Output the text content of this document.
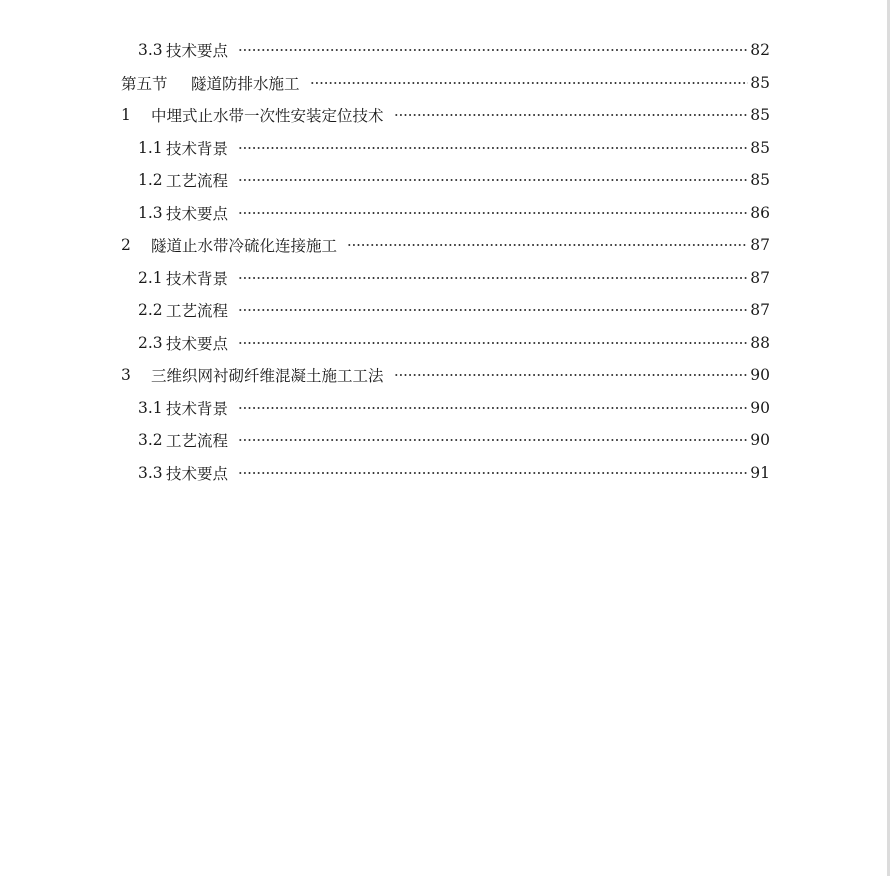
3.3 技术要点	82
第五节 隧道防排水施工	85
1 中埋式止水带一次性安装定位技术	85
1.1 技术背景	85
1.2 工艺流程	85
1.3 技术要点	86
2 隧道止水带冷硫化连接施工	87
2.1 技术背景	87
2.2 工艺流程	87
2.3 技术要点	88
3 三维织网衬砌纤维混凝土施工工法	90
3.1 技术背景	90
3.2 工艺流程	90
3.3 技术要点	91
